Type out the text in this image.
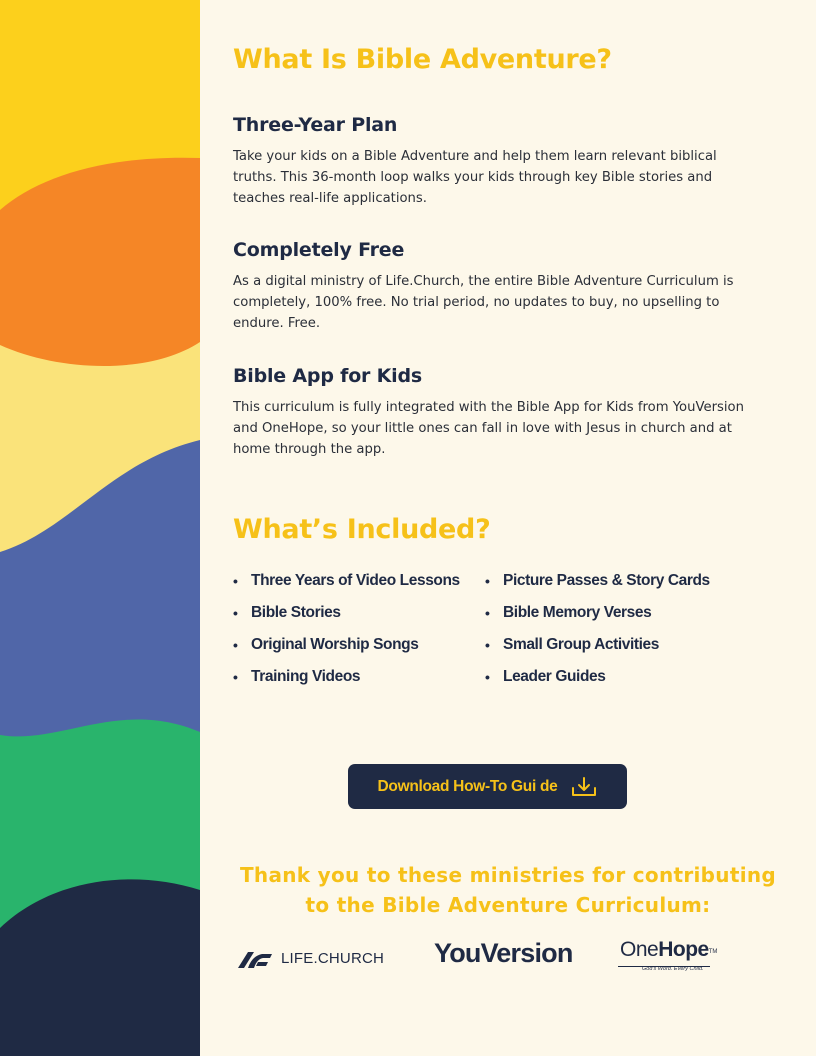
What Is Bible Adventure?
Three-Year Plan

Take your kids on a Bible Adventure and help them learn relevant biblical truths. This 36-month loop walks your kids through key Bible stories and teaches real-life applications.

Completely Free

As a digital ministry of Life.Church, the entire Bible Adventure Curriculum is completely, 100% free. No trial period, no updates to buy, no upselling to endure. Free.

Bible App for Kids

This curriculum is fully integrated with the Bible App for Kids from YouVersion and OneHope, so your little ones can fall in love with Jesus in church and at home through the app.

What’s Included?
• Three Years of Video Lessons
• Bible Stories
• Original Worship Songs
• Training Videos
• Picture Passes & Story Cards
• Bible Memory Verses
• Small Group Activities
• Leader Guides
Download How-To Gui de

Thank you to these ministries for contributing
to the Bible Adventure Curriculum:

LIFE.CHURCH YouVersion OneHope™
God's Word. Every Child.
